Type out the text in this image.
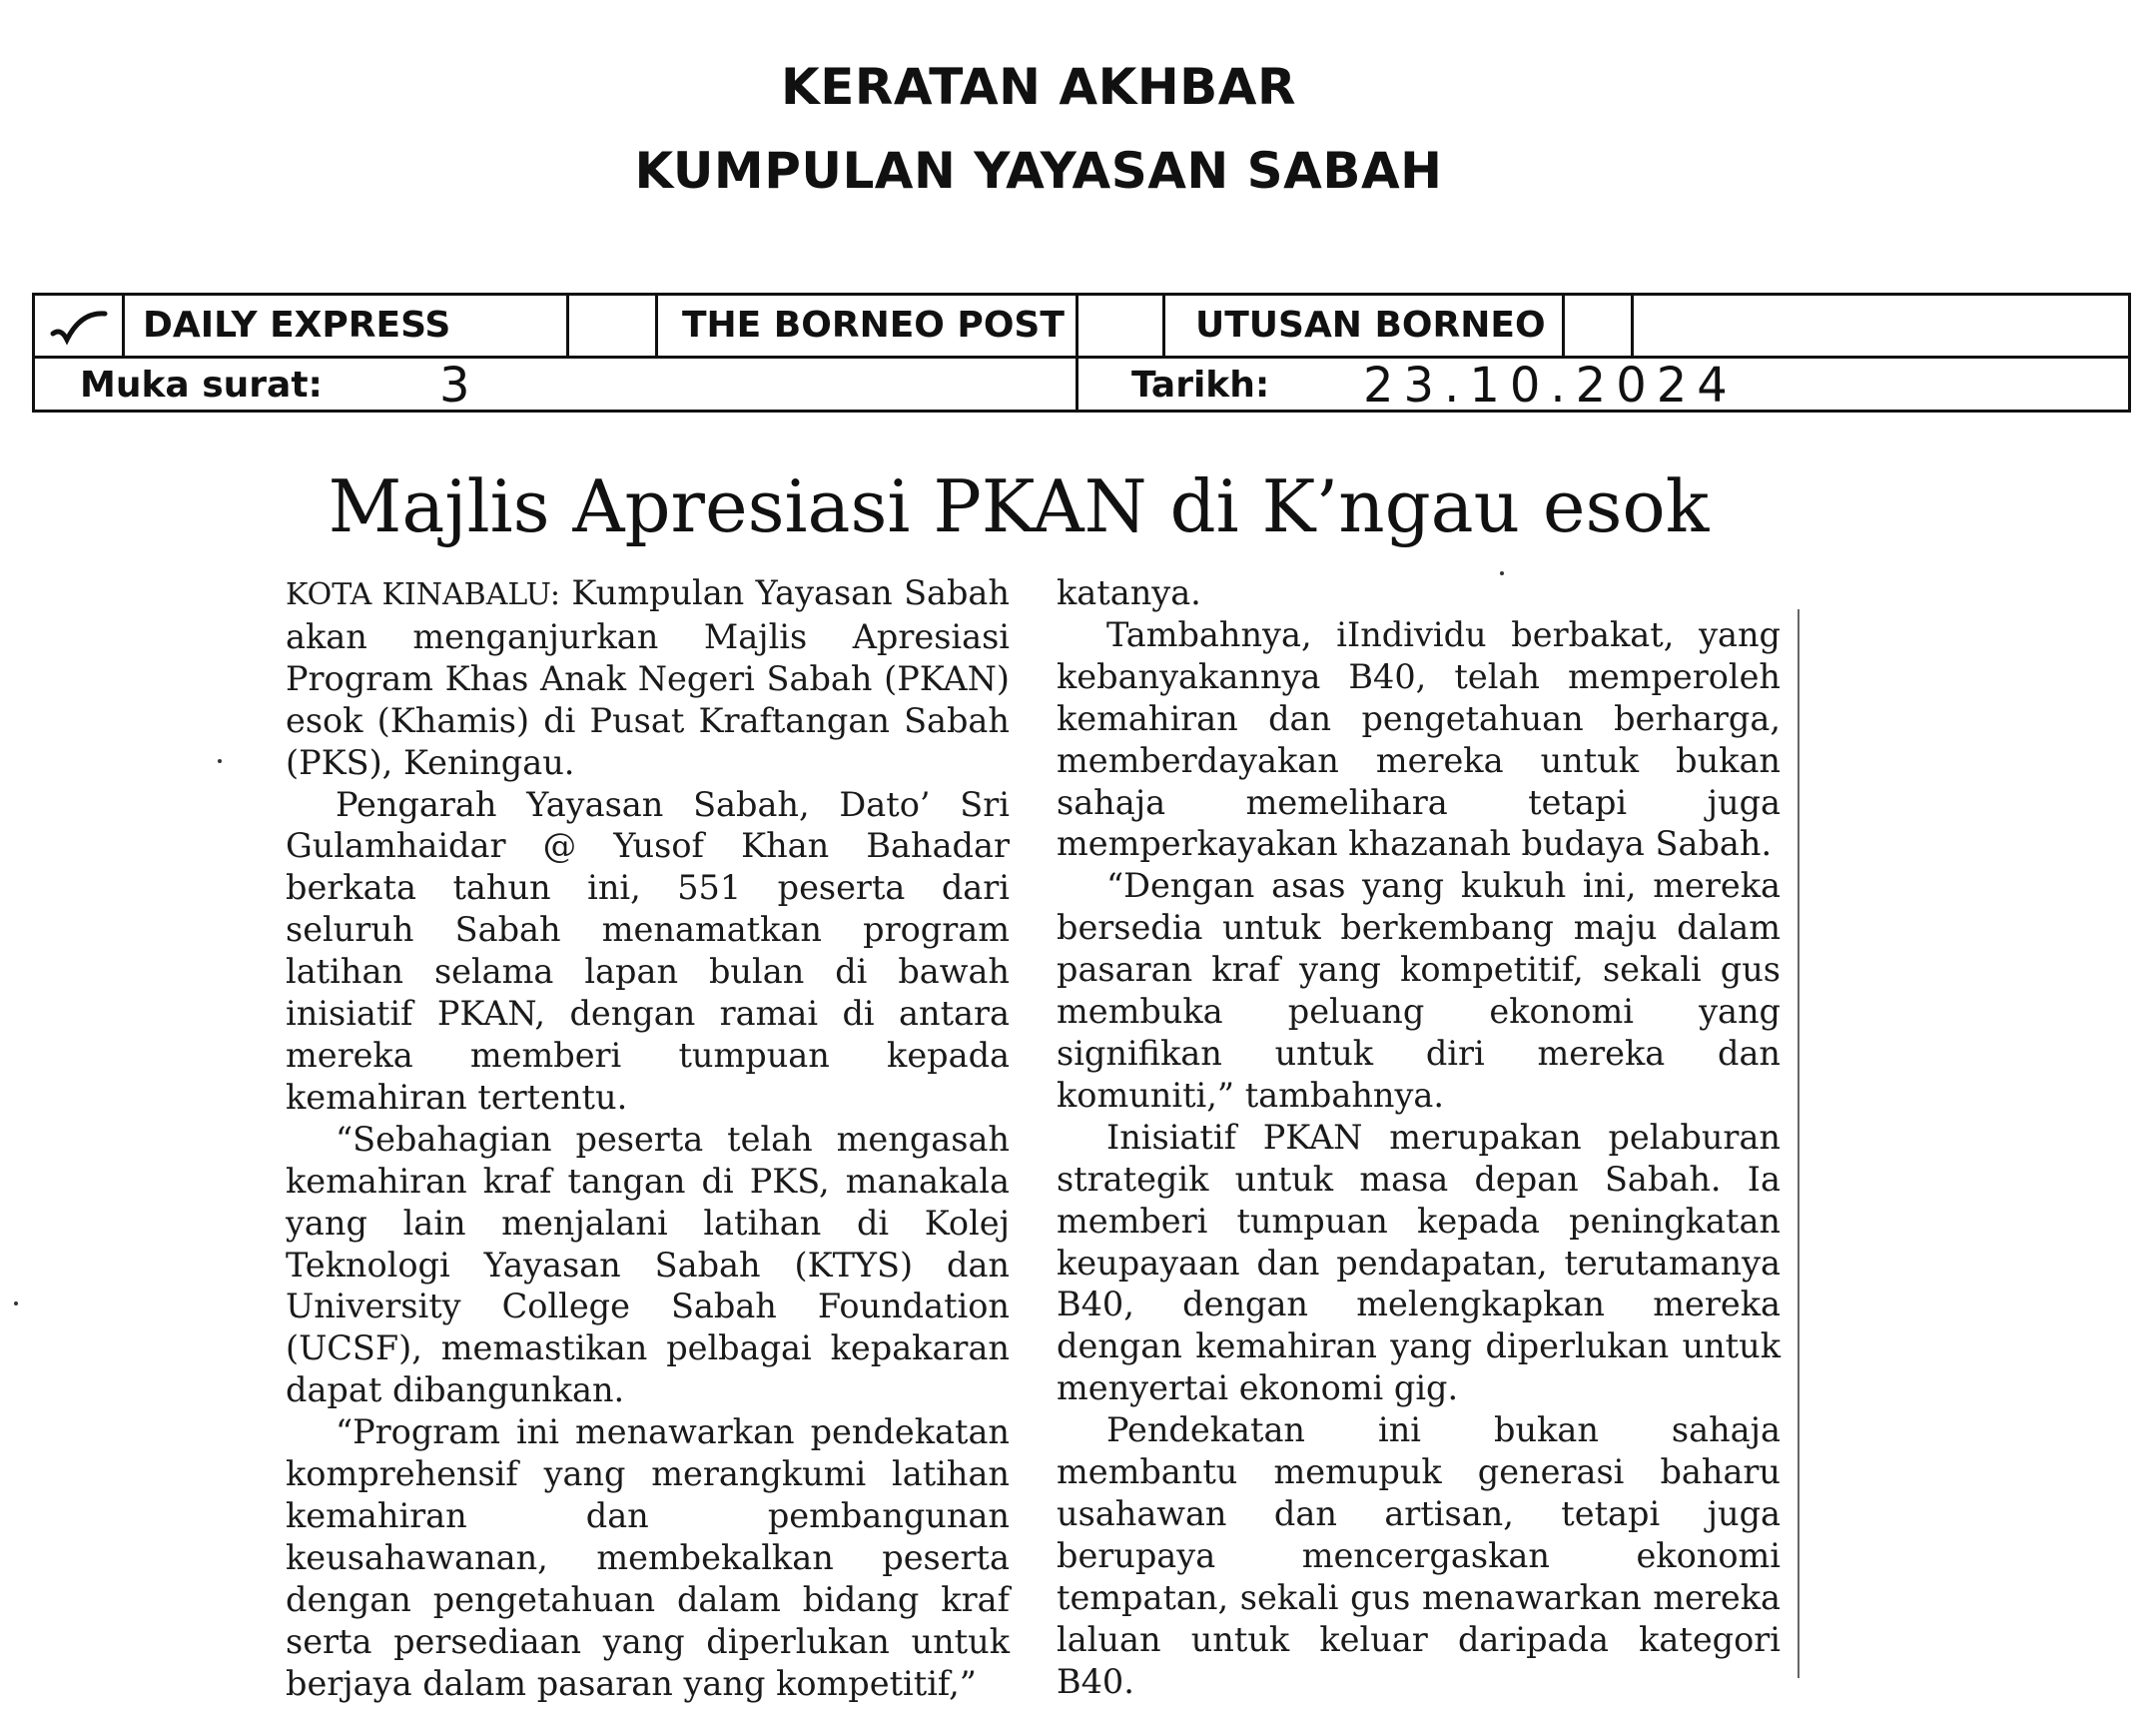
KERATAN AKHBAR
KUMPULAN YAYASAN SABAH
DAILY EXPRESS	THE BORNEO POST	UTUSAN BORNEO
Muka surat: 3	Tarikh: 23.10.2024
Majlis Apresiasi PKAN di K’ngau esok

KOTA KINABALU: Kumpulan Yayasan Sabah akan menganjurkan Majlis Apresiasi Program Khas Anak Negeri Sabah (PKAN) esok (Khamis) di Pusat Kraftangan Sabah (PKS), Keningau.

Pengarah Yayasan Sabah, Dato’ Sri Gulamhaidar @ Yusof Khan Bahadar berkata tahun ini, 551 peserta dari seluruh Sabah menamatkan program latihan selama lapan bulan di bawah inisiatif PKAN, dengan ramai di antara mereka memberi tumpuan kepada kemahiran tertentu.

“Sebahagian peserta telah mengasah kemahiran kraf tangan di PKS, manakala yang lain menjalani latihan di Kolej Teknologi Yayasan Sabah (KTYS) dan University College Sabah Foundation (UCSF), memastikan pelbagai kepakaran dapat dibangunkan.

“Program ini menawarkan pendekatan komprehensif yang merangkumi latihan kemahiran dan pembangunan keusahawanan, membekalkan peserta dengan pengetahuan dalam bidang kraf serta persediaan yang diperlukan untuk berjaya dalam pasaran yang kompetitif,”

katanya.

Tambahnya, iIndividu berbakat, yang kebanyakannya B40, telah memperoleh kemahiran dan pengetahuan berharga, memberdayakan mereka untuk bukan sahaja memelihara tetapi juga memperkayakan khazanah budaya Sabah.

“Dengan asas yang kukuh ini, mereka bersedia untuk berkembang maju dalam pasaran kraf yang kompetitif, sekali gus membuka peluang ekonomi yang signifikan untuk diri mereka dan komuniti,” tambahnya.

Inisiatif PKAN merupakan pelaburan strategik untuk masa depan Sabah. Ia memberi tumpuan kepada peningkatan keupayaan dan pendapatan, terutamanya B40, dengan melengkapkan mereka dengan kemahiran yang diperlukan untuk menyertai ekonomi gig.

Pendekatan ini bukan sahaja membantu memupuk generasi baharu usahawan dan artisan, tetapi juga berupaya mencergaskan ekonomi tempatan, sekali gus menawarkan mereka laluan untuk keluar daripada kategori B40.
